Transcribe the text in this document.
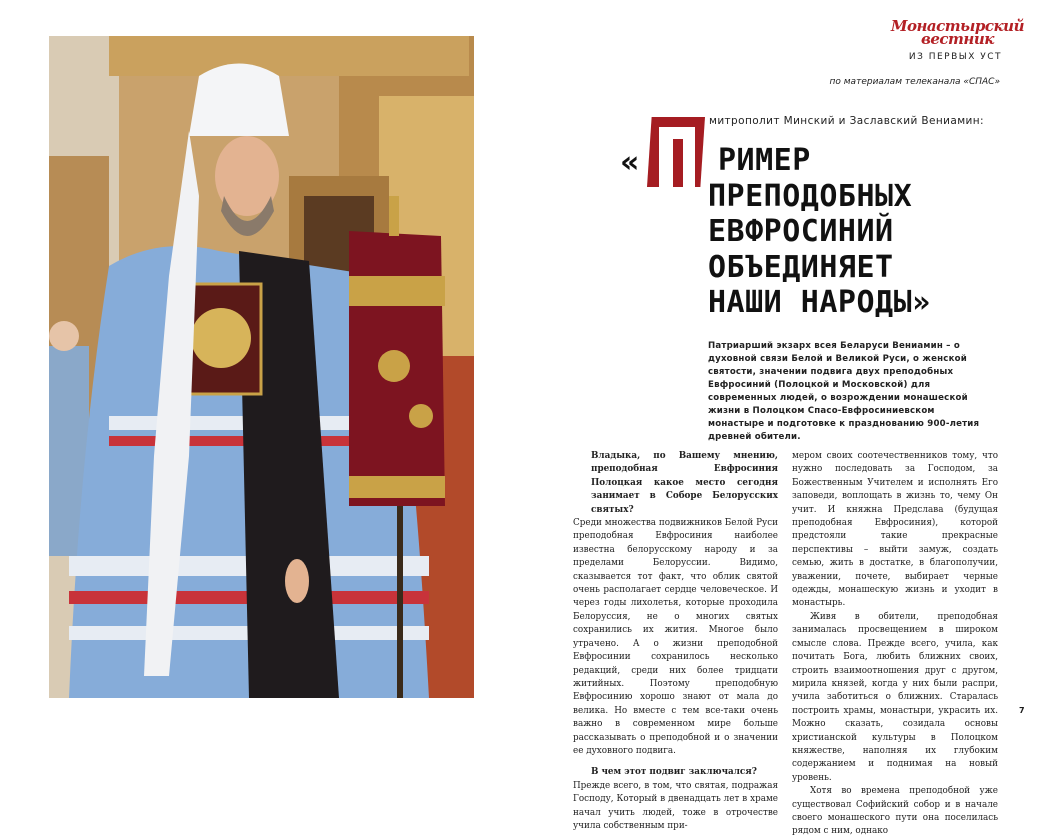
Монастырский
вестник
ИЗ ПЕРВЫХ УСТ
по материалам телеканала «СПАС»
митрополит Минский и Заславский Вениамин:
«	РИМЕР
ПРЕПОДОБНЫХ
ЕВФРОСИНИЙ
ОБЪЕДИНЯЕТ
НАШИ НАРОДЫ»
Патриарший экзарх всея Беларуси Вениамин – о духовной связи Белой и Великой Руси, о женской святости, значении подвига двух преподобных Евфросиний (Полоцкой и Московской) для современных людей, о возрождении монашеской жизни в Полоцком Спасо-Евфросиниевском монастыре и подготовке к празднованию 900-летия древней обители.

Владыка, по Вашему мнению, преподобная Евфросиния Полоцкая какое место сегодня занимает в Соборе Белорусских святых?

Среди множества подвижников Белой Руси преподобная Евфросиния наиболее известна белорусскому народу и за пределами Белоруссии. Видимо, сказывается тот факт, что облик святой очень располагает сердце человеческое. И через годы лихолетья, которые проходила Белоруссия, не о многих святых сохранились их жития. Многое было утрачено. А о жизни преподобной Евфросинии сохранилось несколько редакций, среди них более тридцати житийных. Поэтому преподобную Евфросинию хорошо знают от мала до велика. Но вместе с тем все-таки очень важно в современном мире больше рассказывать о преподобной и о значении ее духовного подвига.

В чем этот подвиг заключался?

Прежде всего, в том, что святая, подражая Господу, Который в двенадцать лет в храме начал учить людей, тоже в отрочестве учила собственным при-

мером своих соотечественников тому, что нужно последовать за Господом, за Божественным Учителем и исполнять Его заповеди, воплощать в жизнь то, чему Он учит. И княжна Предслава (будущая преподобная Евфросиния), которой предстояли такие прекрасные перспективы – выйти замуж, создать семью, жить в достатке, в благополучии, уважении, почете, выбирает черные одежды, монашескую жизнь и уходит в монастырь.

Живя в обители, преподобная занималась просвещением в широком смысле слова. Прежде всего, учила, как почитать Бога, любить ближних своих, строить взаимоотношения друг с другом, мирила князей, когда у них были распри, учила заботиться о ближних. Старалась построить храмы, монастыри, украсить их. Можно сказать, созидала основы христианской культуры в Полоцком княжестве, наполняя их глубоким содержанием и поднимая на новый уровень.

Хотя во времена преподобной уже существовал Софийский собор и в начале своего монашеского пути она поселилась рядом с ним, однако

7
